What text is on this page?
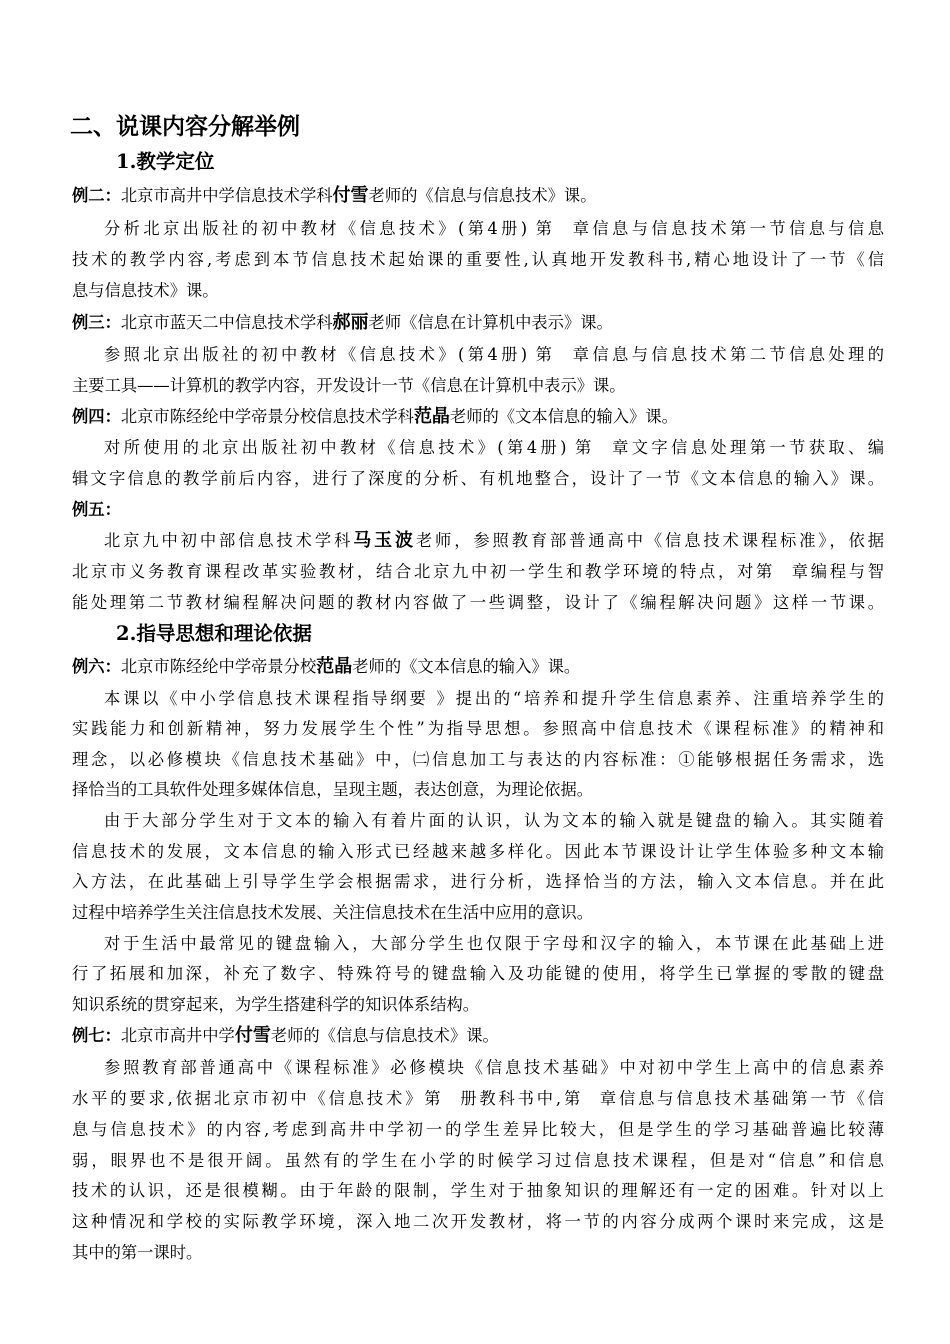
二、说课内容分解举例
1.教学定位
例二：北京市高井中学信息技术学科付雪老师的《信息与信息技术》课。
分析北京出版社的初中教材《信息技术》(第4册) 第 章信息与信息技术第一节信息与信息
技术的教学内容,考虑到本节信息技术起始课的重要性,认真地开发教科书,精心地设计了一节《信
息与信息技术》课。
例三：北京市蓝天二中信息技术学科郝丽老师《信息在计算机中表示》课。
参照北京出版社的初中教材《信息技术》(第4册) 第 章信息与信息技术第二节信息处理的
主要工具——计算机的教学内容，开发设计一节《信息在计算机中表示》课。
例四：北京市陈经纶中学帝景分校信息技术学科范晶老师的《文本信息的输入》课。
对所使用的北京出版社初中教材《信息技术》(第4册) 第 章文字信息处理第一节获取、编
辑文字信息的教学前后内容，进行了深度的分析、有机地整合，设计了一节《文本信息的输入》课。
例五：
北京九中初中部信息技术学科马玉波老师，参照教育部普通高中《信息技术课程标准》，依据
北京市义务教育课程改革实验教材，结合北京九中初一学生和教学环境的特点，对第 章编程与智
能处理第二节教材编程解决问题的教材内容做了一些调整，设计了《编程解决问题》这样一节课。
2.指导思想和理论依据
例六：北京市陈经纶中学帝景分校范晶老师的《文本信息的输入》课。
本课以《中小学信息技术课程指导纲要 》提出的“培养和提升学生信息素养、注重培养学生的
实践能力和创新精神，努力发展学生个性”为指导思想。参照高中信息技术《课程标准》的精神和
理念，以必修模块《信息技术基础》中，㈡信息加工与表达的内容标准：①能够根据任务需求，选
择恰当的工具软件处理多媒体信息，呈现主题，表达创意，为理论依据。
由于大部分学生对于文本的输入有着片面的认识，认为文本的输入就是键盘的输入。其实随着
信息技术的发展，文本信息的输入形式已经越来越多样化。因此本节课设计让学生体验多种文本输
入方法，在此基础上引导学生学会根据需求，进行分析，选择恰当的方法，输入文本信息。并在此
过程中培养学生关注信息技术发展、关注信息技术在生活中应用的意识。
对于生活中最常见的键盘输入，大部分学生也仅限于字母和汉字的输入，本节课在此基础上进
行了拓展和加深，补充了数字、特殊符号的键盘输入及功能键的使用，将学生已掌握的零散的键盘
知识系统的贯穿起来，为学生搭建科学的知识体系结构。
例七：北京市高井中学付雪老师的《信息与信息技术》课。
参照教育部普通高中《课程标准》必修模块《信息技术基础》中对初中学生上高中的信息素养
水平的要求,依据北京市初中《信息技术》第 册教科书中,第 章信息与信息技术基础第一节《信
息与信息技术》的内容,考虑到高井中学初一的学生差异比较大，但是学生的学习基础普遍比较薄
弱，眼界也不是很开阔。虽然有的学生在小学的时候学习过信息技术课程，但是对“信息”和信息
技术的认识，还是很模糊。由于年龄的限制，学生对于抽象知识的理解还有一定的困难。针对以上
这种情况和学校的实际教学环境，深入地二次开发教材，将一节的内容分成两个课时来完成，这是
其中的第一课时。
